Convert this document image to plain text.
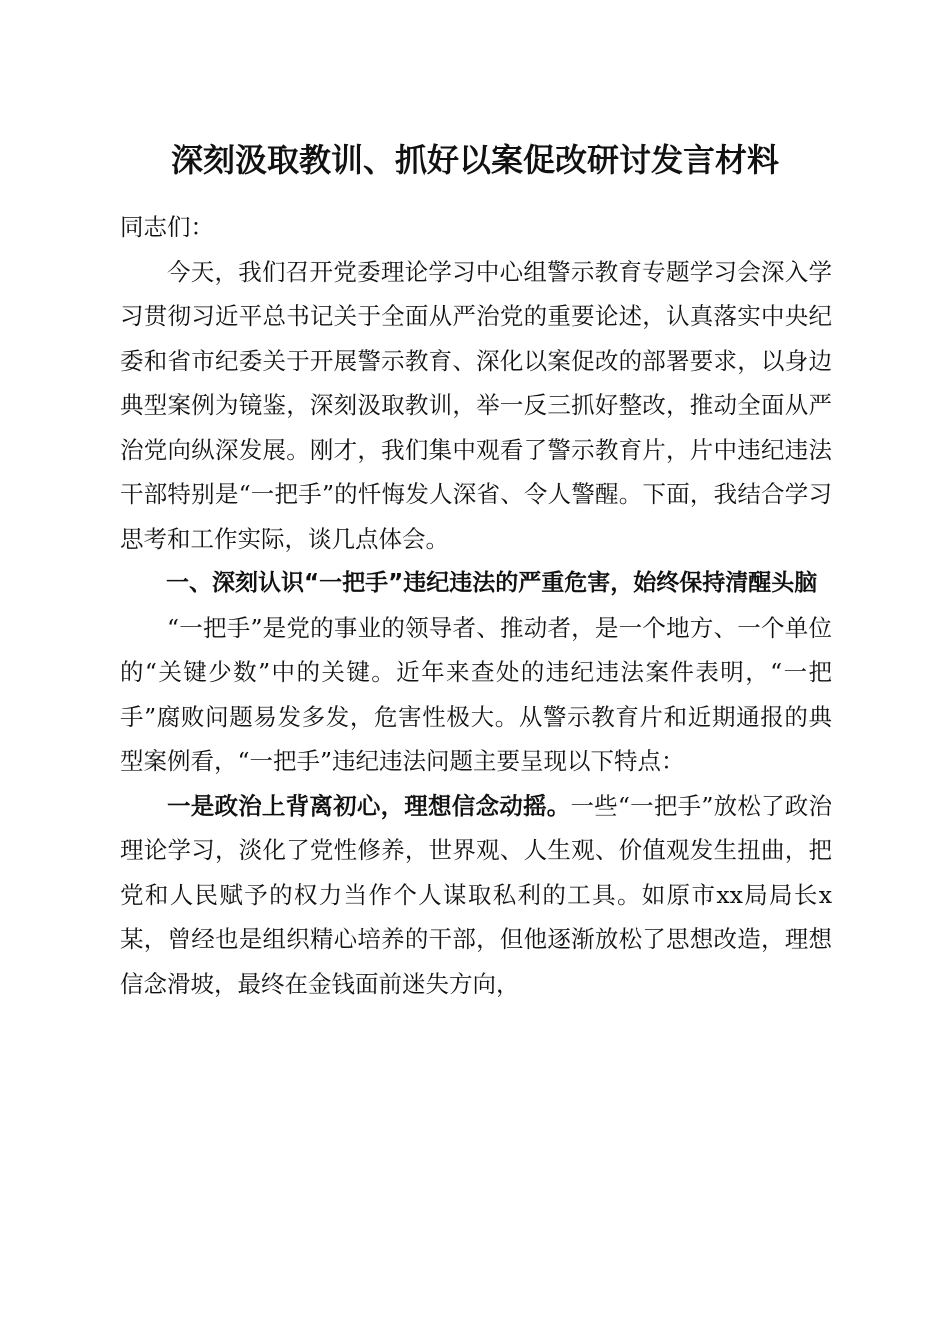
深刻汲取教训、抓好以案促改研讨发言材料

同志们：

今天，我们召开党委理论学习中心组警示教育专题学习会深入学习贯彻习近平总书记关于全面从严治党的重要论述，认真落实中央纪委和省市纪委关于开展警示教育、深化以案促改的部署要求，以身边典型案例为镜鉴，深刻汲取教训，举一反三抓好整改，推动全面从严治党向纵深发展。刚才，我们集中观看了警示教育片，片中违纪违法干部特别是“一把手”的忏悔发人深省、令人警醒。下面，我结合学习思考和工作实际，谈几点体会。

一、深刻认识“一把手”违纪违法的严重危害，始终保持清醒头脑

“一把手”是党的事业的领导者、推动者，是一个地方、一个单位的“关键少数”中的关键。近年来查处的违纪违法案件表明，“一把手”腐败问题易发多发，危害性极大。从警示教育片和近期通报的典型案例看，“一把手”违纪违法问题主要呈现以下特点：

一是政治上背离初心，理想信念动摇。一些“一把手”放松了政治理论学习，淡化了党性修养，世界观、人生观、价值观发生扭曲，把党和人民赋予的权力当作个人谋取私利的工具。如原市xx局局长x某，曾经也是组织精心培养的干部，但他逐渐放松了思想改造，理想信念滑坡，最终在金钱面前迷失方向，
